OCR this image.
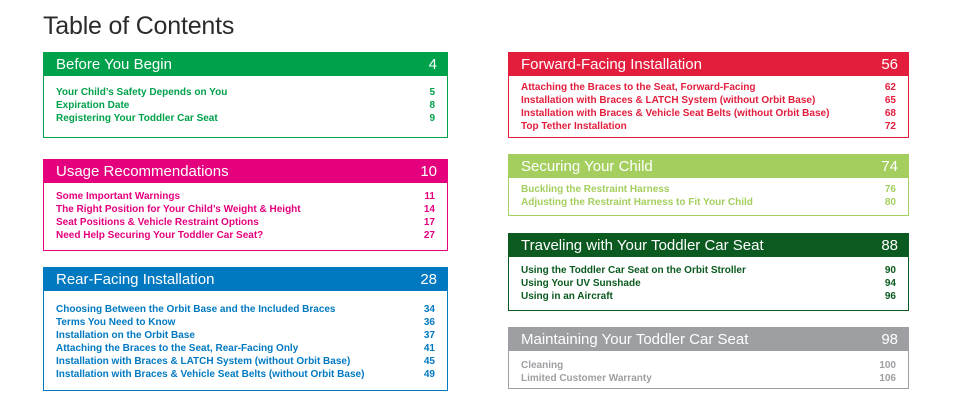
Table of Contents
Before You Begin	4
Your Child’s Safety Depends on You	5
Expiration Date	8
Registering Your Toddler Car Seat	9
Usage Recommendations	10
Some Important Warnings	11
The Right Position for Your Child’s Weight & Height	14
Seat Positions & Vehicle Restraint Options	17
Need Help Securing Your Toddler Car Seat?	27
Rear-Facing Installation	28
Choosing Between the Orbit Base and the Included Braces	34
Terms You Need to Know	36
Installation on the Orbit Base	37
Attaching the Braces to the Seat, Rear-Facing Only	41
Installation with Braces & LATCH System (without Orbit Base)	45
Installation with Braces & Vehicle Seat Belts (without Orbit Base)	49
Forward-Facing Installation	56
Attaching the Braces to the Seat, Forward-Facing	62
Installation with Braces & LATCH System (without Orbit Base)	65
Installation with Braces & Vehicle Seat Belts (without Orbit Base)	68
Top Tether Installation	72
Securing Your Child	74
Buckling the Restraint Harness	76
Adjusting the Restraint Harness to Fit Your Child	80
Traveling with Your Toddler Car Seat	88
Using the Toddler Car Seat on the Orbit Stroller	90
Using Your UV Sunshade	94
Using in an Aircraft	96
Maintaining Your Toddler Car Seat	98
Cleaning	100
Limited Customer Warranty	106
